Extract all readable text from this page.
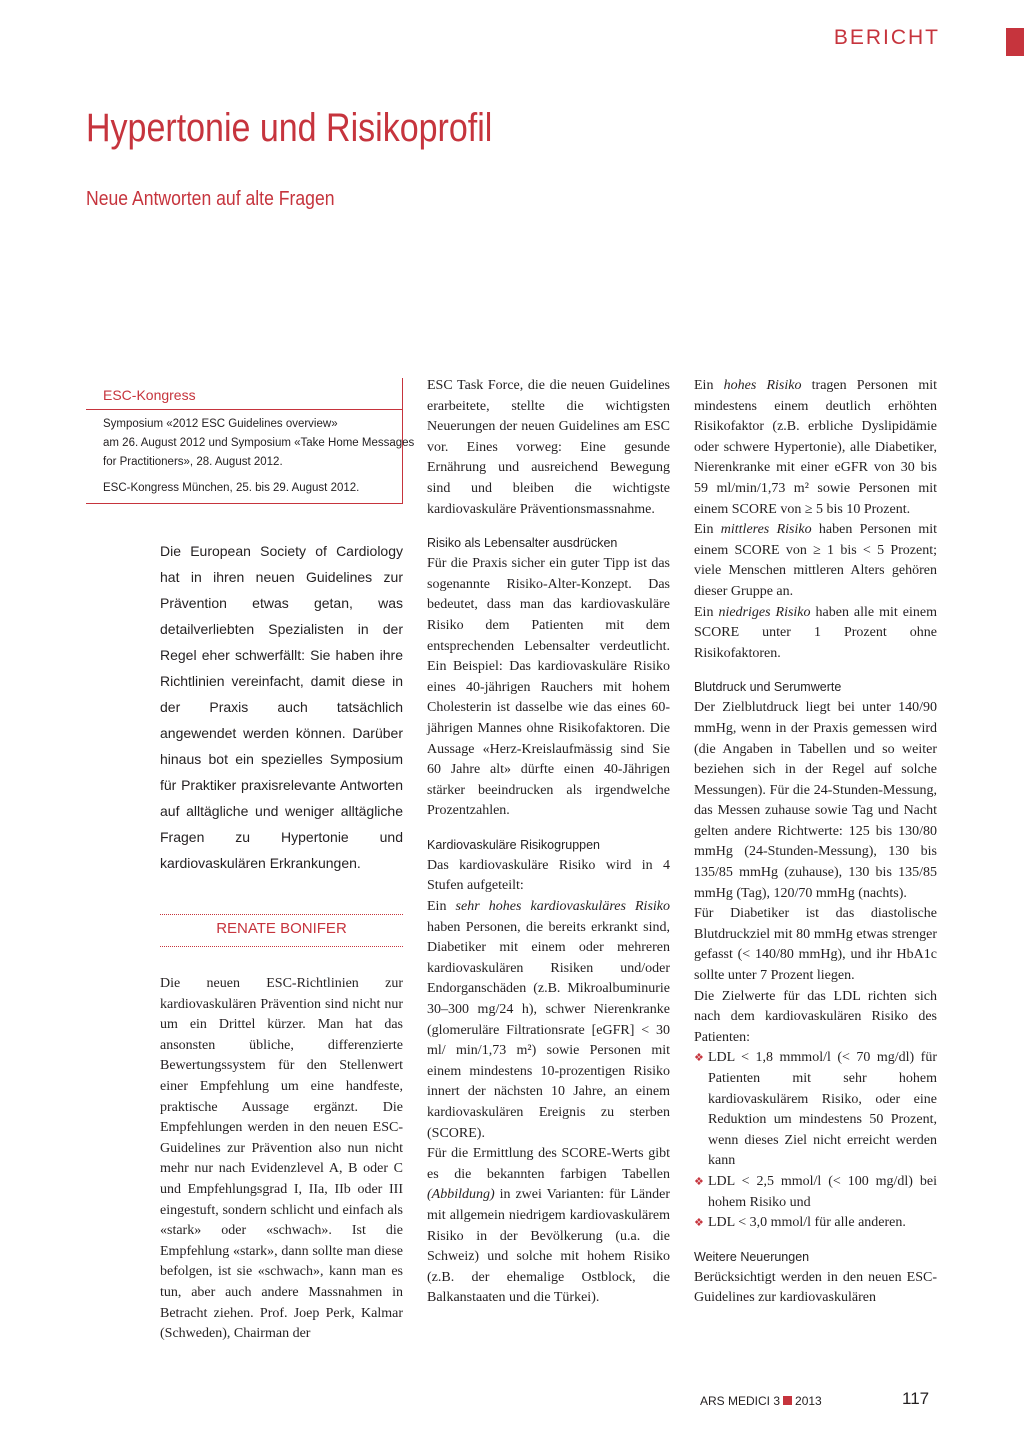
BERICHT
Hypertonie und Risikoprofil
Neue Antworten auf alte Fragen
ESC-Kongress
Symposium «2012 ESC Guidelines overview»
am 26. August 2012 und Symposium «Take Home Messages
for Practitioners», 28. August 2012.
ESC-Kongress München, 25. bis 29. August 2012.
Die European Society of Cardiology hat in ihren neuen Guidelines zur Prävention etwas getan, was detailverliebten Spezialisten in der Regel eher schwerfällt: Sie haben ihre Richtlinien vereinfacht, damit diese in der Praxis auch tatsächlich angewendet werden können. Darüber hinaus bot ein spezielles Symposium für Praktiker praxisrelevante Antworten auf alltägliche und weniger alltägliche Fragen zu Hypertonie und kardiovaskulären Erkrankungen.
RENATE BONIFER

Die neuen ESC-Richtlinien zur kardiovaskulären Prävention sind nicht nur um ein Drittel kürzer. Man hat das ansonsten übliche, differenzierte Bewertungssystem für den Stellenwert einer Empfehlung um eine handfeste, praktische Aussage ergänzt. Die Empfehlungen werden in den neuen ESC-Guidelines zur Prävention also nun nicht mehr nur nach Evidenzlevel A, B oder C und Empfehlungsgrad I, IIa, IIb oder III eingestuft, sondern schlicht und einfach als «stark» oder «schwach». Ist die Empfehlung «stark», dann sollte man diese befolgen, ist sie «schwach», kann man es tun, aber auch andere Massnahmen in Betracht ziehen. Prof. Joep Perk, Kalmar (Schweden), Chairman der

ESC Task Force, die die neuen Guidelines erarbeitete, stellte die wichtigsten Neuerungen der neuen Guidelines am ESC vor. Eines vorweg: Eine gesunde Ernährung und ausreichend Bewegung sind und bleiben die wichtigste kardiovaskuläre Präventionsmassnahme.

Risiko als Lebensalter ausdrücken

Für die Praxis sicher ein guter Tipp ist das sogenannte Risiko-Alter-Konzept. Das bedeutet, dass man das kardiovaskuläre Risiko dem Patienten mit dem entsprechenden Lebensalter verdeutlicht. Ein Beispiel: Das kardiovaskuläre Risiko eines 40-jährigen Rauchers mit hohem Cholesterin ist dasselbe wie das eines 60-jährigen Mannes ohne Risikofaktoren. Die Aussage «Herz-Kreislaufmässig sind Sie 60 Jahre alt» dürfte einen 40-Jährigen stärker beeindrucken als irgendwelche Prozentzahlen.

Kardiovaskuläre Risikogruppen

Das kardiovaskuläre Risiko wird in 4 Stufen aufgeteilt:

Ein sehr hohes kardiovaskuläres Risiko haben Personen, die bereits erkrankt sind, Diabetiker mit einem oder mehreren kardiovaskulären Risiken und/oder Endorganschäden (z.B. Mikroalbuminurie 30–300 mg/24 h), schwer Nierenkranke (glomeruläre Filtrationsrate [eGFR] < 30 ml/ min/1,73 m²) sowie Personen mit einem mindestens 10-prozentigen Risiko innert der nächsten 10 Jahre, an einem kardiovaskulären Ereignis zu sterben (SCORE).

Für die Ermittlung des SCORE-Werts gibt es die bekannten farbigen Tabellen (Abbildung) in zwei Varianten: für Länder mit allgemein niedrigem kardiovaskulärem Risiko in der Bevölkerung (u.a. die Schweiz) und solche mit hohem Risiko (z.B. der ehemalige Ostblock, die Balkanstaaten und die Türkei).

Ein hohes Risiko tragen Personen mit mindestens einem deutlich erhöhten Risikofaktor (z.B. erbliche Dyslipidämie oder schwere Hypertonie), alle Diabetiker, Nierenkranke mit einer eGFR von 30 bis 59 ml/min/1,73 m² sowie Personen mit einem SCORE von ≥ 5 bis 10 Prozent.

Ein mittleres Risiko haben Personen mit einem SCORE von ≥ 1 bis < 5 Prozent; viele Menschen mittleren Alters gehören dieser Gruppe an.

Ein niedriges Risiko haben alle mit einem SCORE unter 1 Prozent ohne Risikofaktoren.

Blutdruck und Serumwerte

Der Zielblutdruck liegt bei unter 140/90 mmHg, wenn in der Praxis gemessen wird (die Angaben in Tabellen und so weiter beziehen sich in der Regel auf solche Messungen). Für die 24-Stunden-Messung, das Messen zuhause sowie Tag und Nacht gelten andere Richtwerte: 125 bis 130/80 mmHg (24-Stunden-Messung), 130 bis 135/85 mmHg (zuhause), 130 bis 135/85 mmHg (Tag), 120/70 mmHg (nachts).

Für Diabetiker ist das diastolische Blutdruckziel mit 80 mmHg etwas strenger gefasst (< 140/80 mmHg), und ihr HbA1c sollte unter 7 Prozent liegen.

Die Zielwerte für das LDL richten sich nach dem kardiovaskulären Risiko des Patienten:

❖ LDL < 1,8 mmmol/l (< 70 mg/dl) für Patienten mit sehr hohem kardiovaskulärem Risiko, oder eine Reduktion um mindestens 50 Prozent, wenn dieses Ziel nicht erreicht werden kann
❖ LDL < 2,5 mmol/l (< 100 mg/dl) bei hohem Risiko und
❖ LDL < 3,0 mmol/l für alle anderen.
Weitere Neuerungen

Berücksichtigt werden in den neuen ESC-Guidelines zur kardiovaskulären

ARS MEDICI 3 2013	117
